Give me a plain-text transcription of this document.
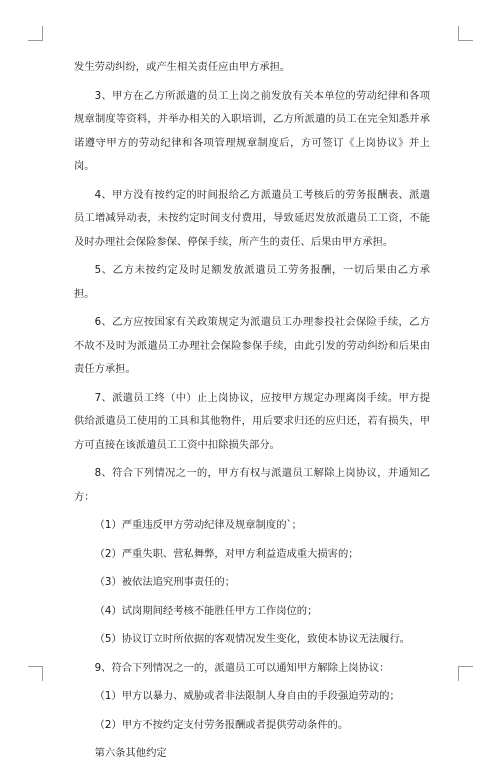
发生劳动纠纷，或产生相关责任应由甲方承担。

3、甲方在乙方所派遣的员工上岗之前发放有关本单位的劳动纪律和各项规章制度等资料，并举办相关的入职培训，乙方所派遣的员工在完全知悉并承诺遵守甲方的劳动纪律和各项管理规章制度后，方可签订《上岗协议》并上岗。

4、甲方没有按约定的时间报给乙方派遣员工考核后的劳务报酬表、派遣员工增减异动表，未按约定时间支付费用，导致延迟发放派遣员工工资，不能及时办理社会保险参保、停保手续，所产生的责任、后果由甲方承担。

5、乙方未按约定及时足额发放派遣员工劳务报酬，一切后果由乙方承担。

6、乙方应按国家有关政策规定为派遣员工办理参投社会保险手续，乙方不故不及时为派遣员工办理社会保险参保手续，由此引发的劳动纠纷和后果由责任方承担。

7、派遣员工终（中）止上岗协议，应按甲方规定办理离岗手续。甲方提供给派遣员工使用的工具和其他物件，用后要求归还的应归还，若有损失，甲方可直接在该派遣员工工资中扣除损失部分。

8、符合下列情况之一的，甲方有权与派遣员工解除上岗协议，并通知乙方：

（1）严重违反甲方劳动纪律及规章制度的`；

（2）严重失职、营私舞弊，对甲方利益造成重大损害的；

（3）被依法追究刑事责任的；

（4）试岗期间经考核不能胜任甲方工作岗位的；

（5）协议订立时所依据的客观情况发生变化，致使本协议无法履行。

9、符合下列情况之一的，派遣员工可以通知甲方解除上岗协议：

（1）甲方以暴力、威胁或者非法限制人身自由的手段强迫劳动的；

（2）甲方不按约定支付劳务报酬或者提供劳动条件的。

第六条其他约定
